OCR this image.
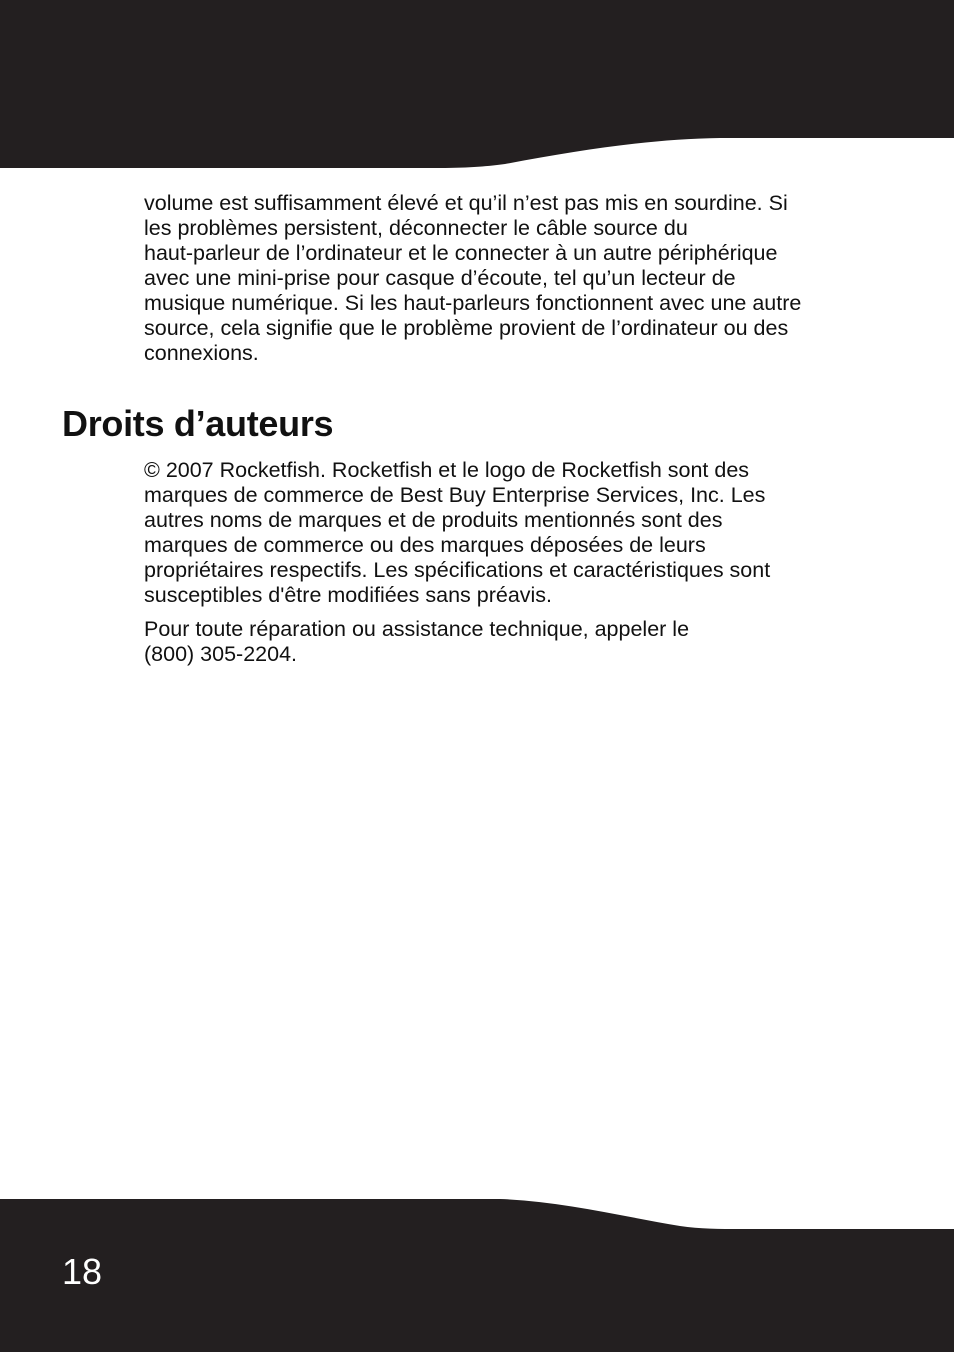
volume est suffisamment élevé et qu’il n’est pas mis en sourdine. Si
les problèmes persistent, déconnecter le câble source du
haut-parleur de l’ordinateur et le connecter à un autre périphérique
avec une mini-prise pour casque d’écoute, tel qu’un lecteur de
musique numérique. Si les haut-parleurs fonctionnent avec une autre
source, cela signifie que le problème provient de l’ordinateur ou des
connexions.

Droits d’auteurs

© 2007 Rocketfish. Rocketfish et le logo de Rocketfish sont des
marques de commerce de Best Buy Enterprise Services, Inc. Les
autres noms de marques et de produits mentionnés sont des
marques de commerce ou des marques déposées de leurs
propriétaires respectifs. Les spécifications et caractéristiques sont
susceptibles d'être modifiées sans préavis.

Pour toute réparation ou assistance technique, appeler le
(800) 305-2204.

18
